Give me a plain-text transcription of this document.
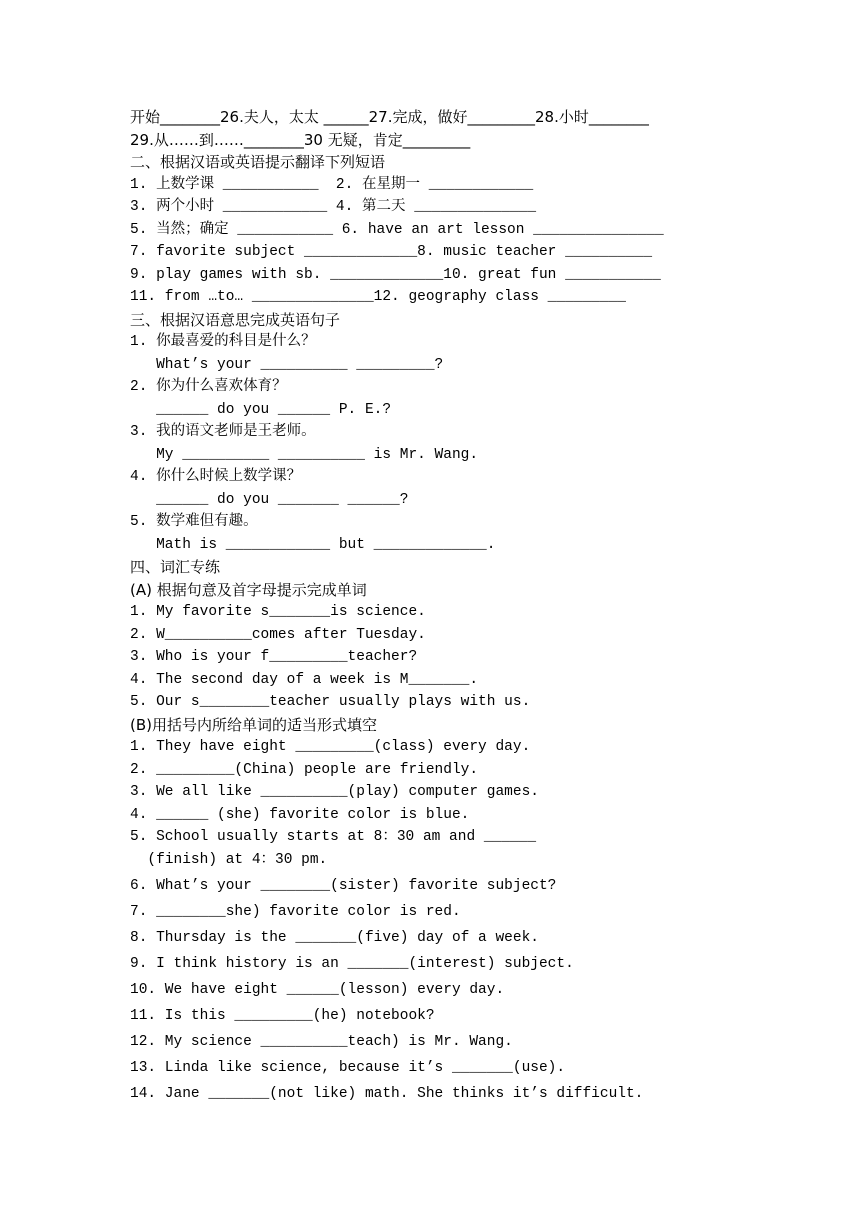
开始________26.夫人，太太 ______27.完成，做好_________28.小时________
29.从……到……________30 无疑，肯定_________
二、根据汉语或英语提示翻译下列短语
1. 上数学课 ___________  2. 在星期一 ____________
3. 两个小时 ____________ 4. 第二天 ______________
5. 当然；确定 ___________ 6. have an art lesson _______________
7. favorite subject _____________8. music teacher __________
9. play games with sb. _____________10. great fun ___________
11. from …to… ______________12. geography class _________
三、根据汉语意思完成英语句子
1. 你最喜爱的科目是什么？
What’s your __________ _________?
2. 你为什么喜欢体育？
______ do you ______ P. E.?
3. 我的语文老师是王老师。
My __________ __________ is Mr. Wang.
4. 你什么时候上数学课？
______ do you _______ ______?
5. 数学难但有趣。
Math is ____________ but _____________.
四、词汇专练
(A) 根据句意及首字母提示完成单词
1. My favorite s_______is science.
2. W__________comes after Tuesday.
3. Who is your f_________teacher?
4. The second day of a week is M_______.
5. Our s________teacher usually plays with us.
(B)用括号内所给单词的适当形式填空
1. They have eight _________(class) every day.
2. _________(China) people are friendly.
3. We all like __________(play) computer games.
4. ______ (she) favorite color is blue.
5. School usually starts at 8：30 am and ______
(finish) at 4：30 pm.
6. What’s your ________(sister) favorite subject?
7. ________she) favorite color is red.
8. Thursday is the _______(five) day of a week.
9. I think history is an _______(interest) subject.
10. We have eight ______(lesson) every day.
11. Is this _________(he) notebook?
12. My science __________teach) is Mr. Wang.
13. Linda like science, because it’s _______(use).
14. Jane _______(not like) math. She thinks it’s difficult.
